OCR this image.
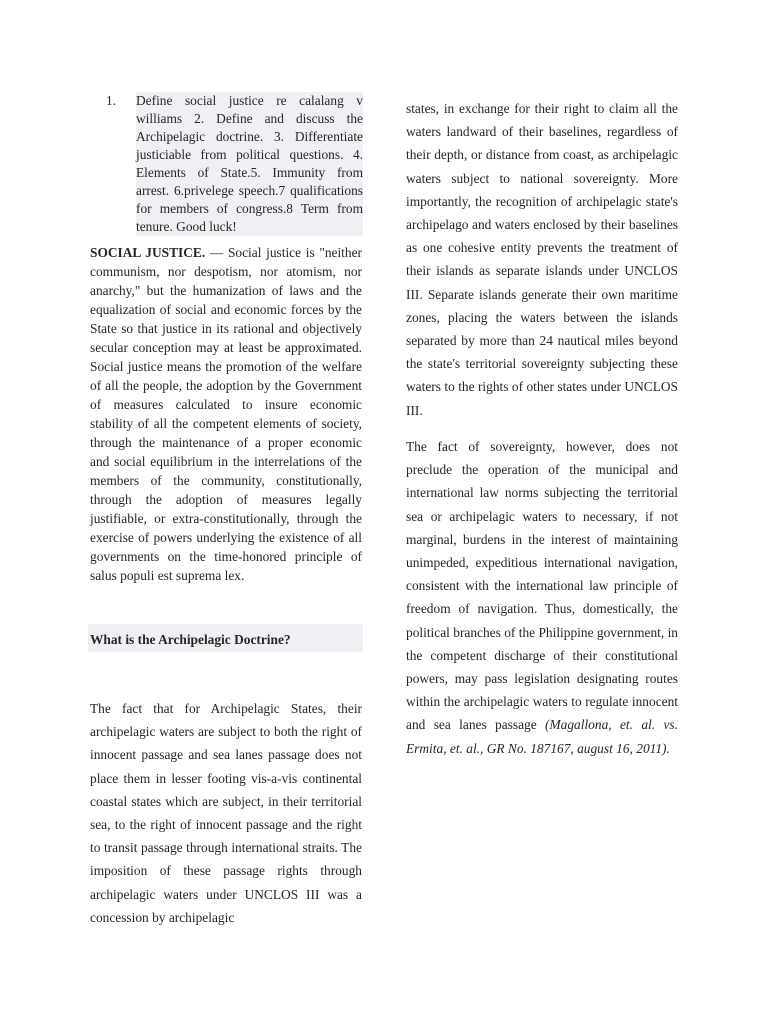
1. Define social justice re calalang v williams 2. Define and discuss the Archipelagic doctrine. 3. Differentiate justiciable from political questions. 4. Elements of State.5. Immunity from arrest. 6.privelege speech.7 qualifications for members of congress.8 Term from tenure. Good luck!

SOCIAL JUSTICE. — Social justice is "neither communism, nor despotism, nor atomism, nor anarchy," but the humanization of laws and the equalization of social and economic forces by the State so that justice in its rational and objectively secular conception may at least be approximated. Social justice means the promotion of the welfare of all the people, the adoption by the Government of measures calculated to insure economic stability of all the competent elements of society, through the maintenance of a proper economic and social equilibrium in the interrelations of the members of the community, constitutionally, through the adoption of measures legally justifiable, or extra-constitutionally, through the exercise of powers underlying the existence of all governments on the time-honored principle of salus populi est suprema lex.

What is the Archipelagic Doctrine?

The fact that for Archipelagic States, their archipelagic waters are subject to both the right of innocent passage and sea lanes passage does not place them in lesser footing vis-a-vis continental coastal states which are subject, in their territorial sea, to the right of innocent passage and the right to transit passage through international straits. The imposition of these passage rights through archipelagic waters under UNCLOS III was a concession by archipelagic

states, in exchange for their right to claim all the waters landward of their baselines, regardless of their depth, or distance from coast, as archipelagic waters subject to national sovereignty. More importantly, the recognition of archipelagic state's archipelago and waters enclosed by their baselines as one cohesive entity prevents the treatment of their islands as separate islands under UNCLOS III. Separate islands generate their own maritime zones, placing the waters between the islands separated by more than 24 nautical miles beyond the state's territorial sovereignty subjecting these waters to the rights of other states under UNCLOS III.

The fact of sovereignty, however, does not preclude the operation of the municipal and international law norms subjecting the territorial sea or archipelagic waters to necessary, if not marginal, burdens in the interest of maintaining unimpeded, expeditious international navigation, consistent with the international law principle of freedom of navigation. Thus, domestically, the political branches of the Philippine government, in the competent discharge of their constitutional powers, may pass legislation designating routes within the archipelagic waters to regulate innocent and sea lanes passage (Magallona, et. al. vs. Ermita, et. al., GR No. 187167, august 16, 2011).
